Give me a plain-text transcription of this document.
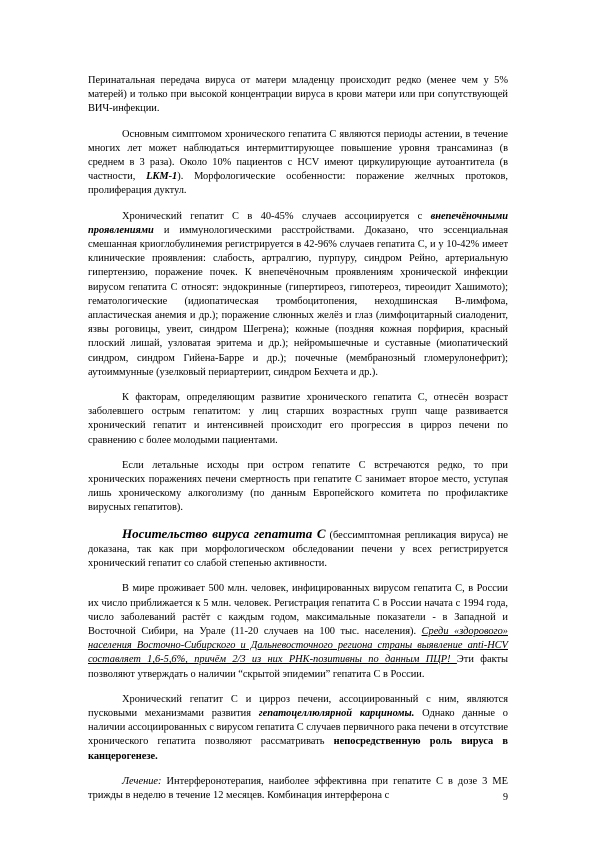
Перинатальная передача вируса от матери младенцу происходит редко (менее чем у 5% матерей) и только при высокой концентрации вируса в крови матери или при сопутствующей ВИЧ-инфекции.

Основным симптомом хронического гепатита С являются периоды астении, в течение многих лет может наблюдаться интермиттирующее повышение уровня трансаминаз (в среднем в 3 раза). Около 10% пациентов с HCV имеют циркулирующие аутоантитела (в частности, LKM-1). Морфологические особенности: поражение желчных протоков, пролиферация дуктул.

Хронический гепатит С в 40-45% случаев ассоциируется с внепечёночными проявлениями и иммунологическими расстройствами. Доказано, что эссенциальная смешанная криоглобулинемия регистрируется в 42-96% случаев гепатита С, и у 10-42% имеет клинические проявления: слабость, артралгию, пурпуру, синдром Рейно, артериальную гипертензию, поражение почек. К внепечёночным проявлениям хронической инфекции вирусом гепатита С относят: эндокринные (гипертиреоз, гипотереоз, тиреоидит Хашимото); гематологические (идиопатическая тромбоцитопения, неходшинская В-лимфома, апластическая анемия и др.); поражение слюнных желёз и глаз (лимфоцитарный сиалоденит, язвы роговицы, увеит, синдром Шегрена); кожные (поздняя кожная порфирия, красный плоский лишай, узловатая эритема и др.); нейромышечные и суставные (миопатический синдром, синдром Гийена-Барре и др.); почечные (мембранозный гломерулонефрит); аутоиммунные (узелковый периартериит, синдром Бехчета и др.).

К факторам, определяющим развитие хронического гепатита С, отнесён возраст заболевшего острым гепатитом: у лиц старших возрастных групп чаще развивается хронический гепатит и интенсивней происходит его прогрессия в цирроз печени по сравнению с более молодыми пациентами.

Если летальные исходы при остром гепатите С встречаются редко, то при хронических поражениях печени смертность при гепатите С занимает второе место, уступая лишь хроническому алкоголизму (по данным Европейского комитета по профилактике вирусных гепатитов).

Носительство вируса гепатита С (бессимптомная репликация вируса) не доказана, так как при морфологическом обследовании печени у всех регистрируется хронический гепатит со слабой степенью активности.

В мире проживает 500 млн. человек, инфицированных вирусом гепатита С, в России их число приближается к 5 млн. человек. Регистрация гепатита С в России начата с 1994 года, число заболеваний растёт с каждым годом, максимальные показатели - в Западной и Восточной Сибири, на Урале (11-20 случаев на 100 тыс. населения). Среди «здорового» населения Восточно-Сибирского и Дальневосточного региона страны выявление anti-HCV составляет 1,6-5,6%, причём 2/3 из них РНК-позитивны по данным ПЦР! Эти факты позволяют утверждать о наличии “скрытой эпидемии” гепатита С в России.

Хронический гепатит С и цирроз печени, ассоциированный с ним, являются пусковыми механизмами развития гепатоцеллюлярной карциномы. Однако данные о наличии ассоциированных с вирусом гепатита С случаев первичного рака печени в отсутствие хронического гепатита позволяют рассматривать непосредственную роль вируса в канцерогенезе.

Лечение: Интерферонотерапия, наиболее эффективна при гепатите С в дозе 3 МЕ трижды в неделю в течение 12 месяцев. Комбинация интерферона с	9
